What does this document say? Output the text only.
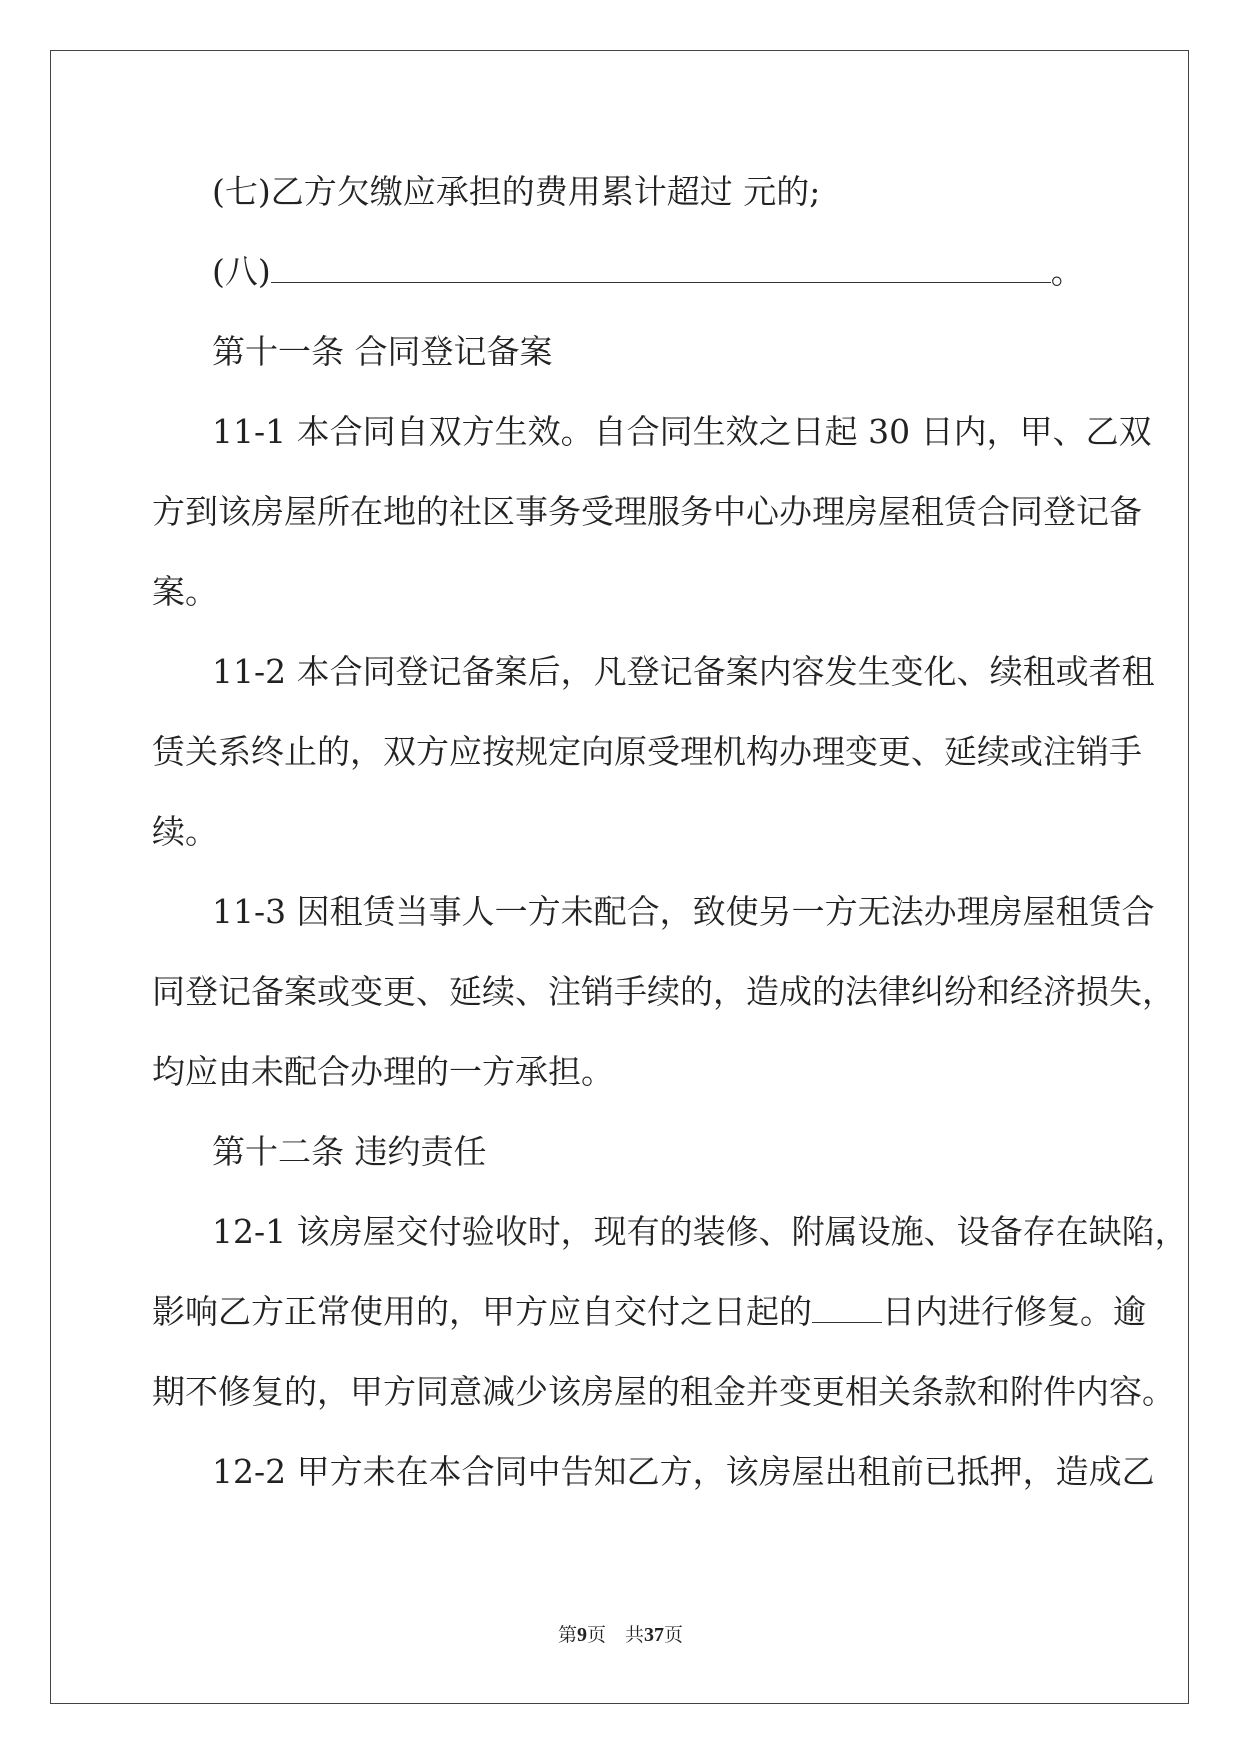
(七)乙方欠缴应承担的费用累计超过 元的;

(八)	。

第十一条 合同登记备案

11-1 本合同自双方生效。自合同生效之日起 30 日内，甲、乙双

方到该房屋所在地的社区事务受理服务中心办理房屋租赁合同登记备

案。

11-2 本合同登记备案后，凡登记备案内容发生变化、续租或者租

赁关系终止的，双方应按规定向原受理机构办理变更、延续或注销手

续。

11-3 因租赁当事人一方未配合，致使另一方无法办理房屋租赁合

同登记备案或变更、延续、注销手续的，造成的法律纠纷和经济损失，

均应由未配合办理的一方承担。

第十二条 违约责任

12-1 该房屋交付验收时，现有的装修、附属设施、设备存在缺陷，

影响乙方正常使用的，甲方应自交付之日起的 日内进行修复。逾

期不修复的，甲方同意减少该房屋的租金并变更相关条款和附件内容。

12-2 甲方未在本合同中告知乙方，该房屋出租前已抵押，造成乙

第9页　共37页
